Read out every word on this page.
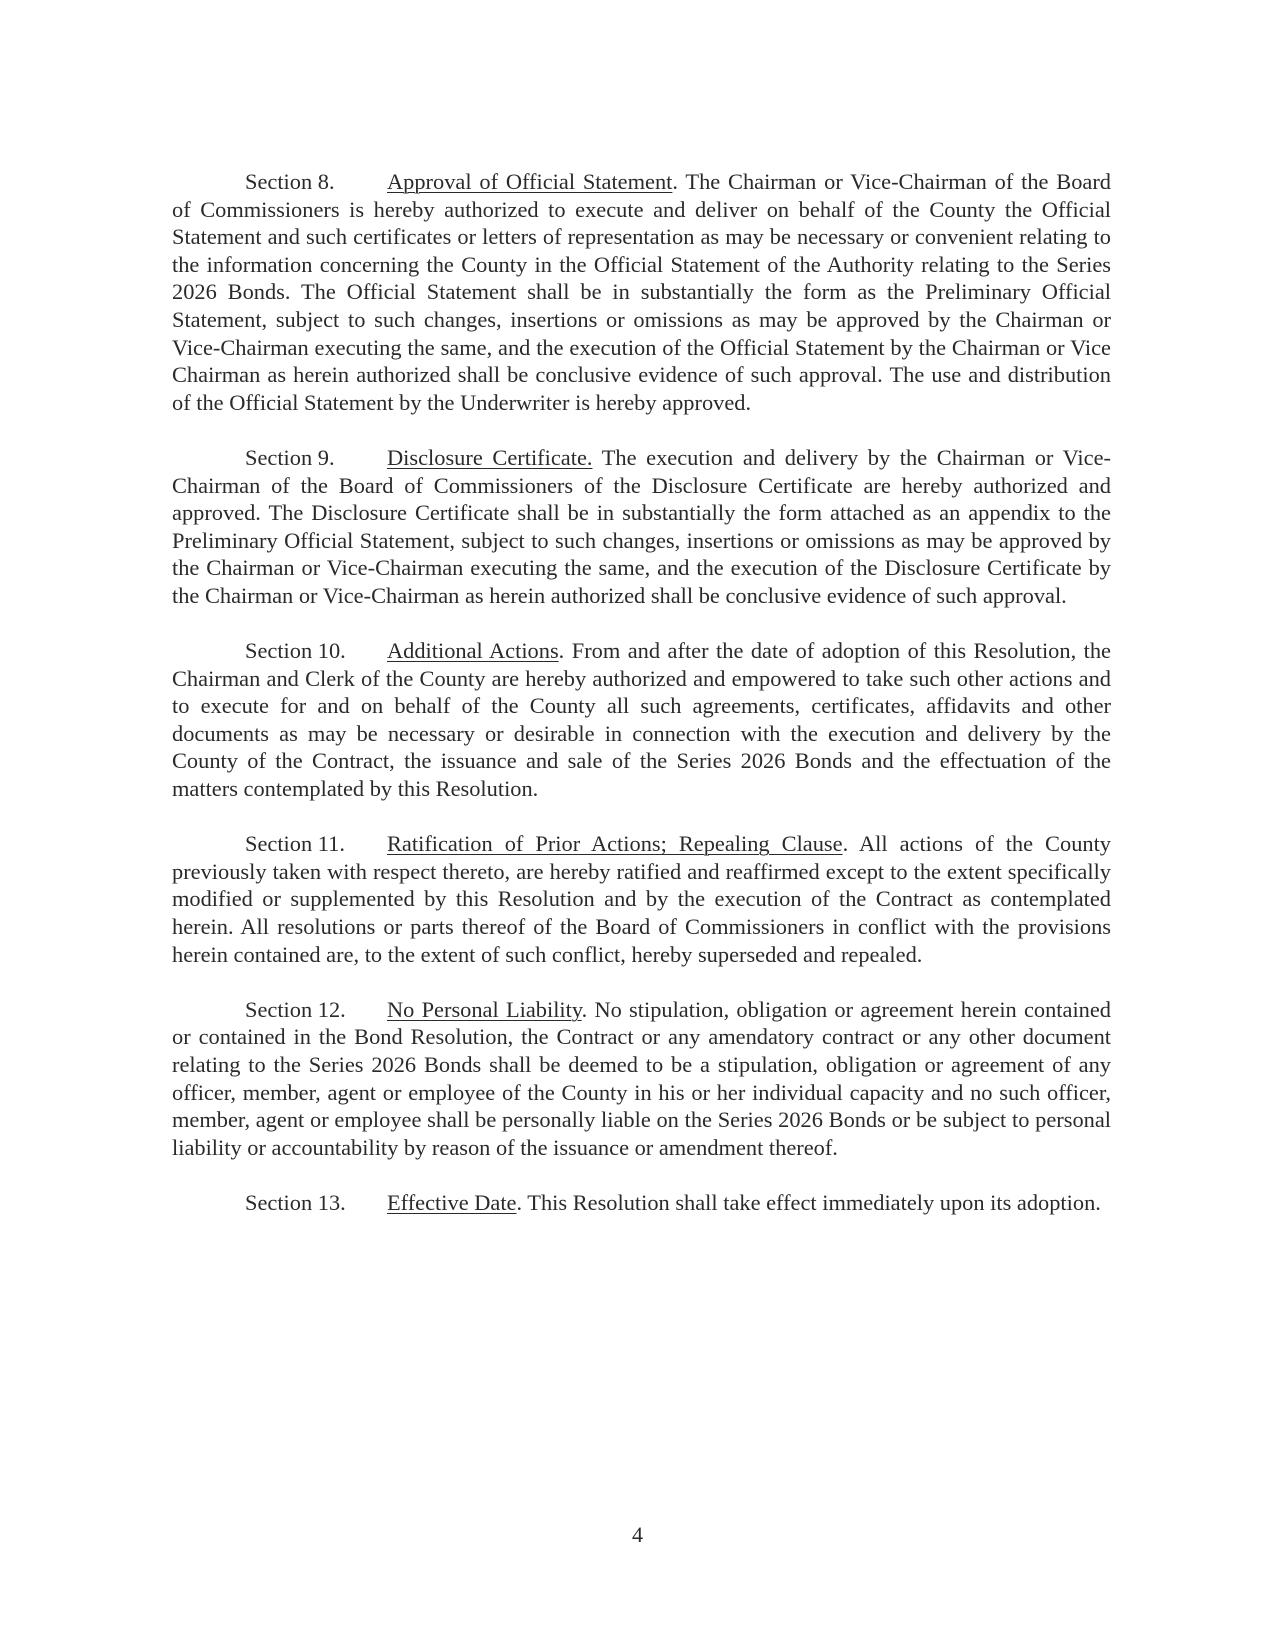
Section 8. Approval of Official Statement. The Chairman or Vice-Chairman of the Board of Commissioners is hereby authorized to execute and deliver on behalf of the County the Official Statement and such certificates or letters of representation as may be necessary or convenient relating to the information concerning the County in the Official Statement of the Authority relating to the Series 2026 Bonds. The Official Statement shall be in substantially the form as the Preliminary Official Statement, subject to such changes, insertions or omissions as may be approved by the Chairman or Vice-Chairman executing the same, and the execution of the Official Statement by the Chairman or Vice Chairman as herein authorized shall be conclusive evidence of such approval. The use and distribution of the Official Statement by the Underwriter is hereby approved.

Section 9. Disclosure Certificate. The execution and delivery by the Chairman or Vice-Chairman of the Board of Commissioners of the Disclosure Certificate are hereby authorized and approved. The Disclosure Certificate shall be in substantially the form attached as an appendix to the Preliminary Official Statement, subject to such changes, insertions or omissions as may be approved by the Chairman or Vice-Chairman executing the same, and the execution of the Disclosure Certificate by the Chairman or Vice-Chairman as herein authorized shall be conclusive evidence of such approval.

Section 10. Additional Actions. From and after the date of adoption of this Resolution, the Chairman and Clerk of the County are hereby authorized and empowered to take such other actions and to execute for and on behalf of the County all such agreements, certificates, affidavits and other documents as may be necessary or desirable in connection with the execution and delivery by the County of the Contract, the issuance and sale of the Series 2026 Bonds and the effectuation of the matters contemplated by this Resolution.

Section 11. Ratification of Prior Actions; Repealing Clause. All actions of the County previously taken with respect thereto, are hereby ratified and reaffirmed except to the extent specifically modified or supplemented by this Resolution and by the execution of the Contract as contemplated herein. All resolutions or parts thereof of the Board of Commissioners in conflict with the provisions herein contained are, to the extent of such conflict, hereby superseded and repealed.

Section 12. No Personal Liability. No stipulation, obligation or agreement herein contained or contained in the Bond Resolution, the Contract or any amendatory contract or any other document relating to the Series 2026 Bonds shall be deemed to be a stipulation, obligation or agreement of any officer, member, agent or employee of the County in his or her individual capacity and no such officer, member, agent or employee shall be personally liable on the Series 2026 Bonds or be subject to personal liability or accountability by reason of the issuance or amendment thereof.

Section 13. Effective Date. This Resolution shall take effect immediately upon its adoption.

4
